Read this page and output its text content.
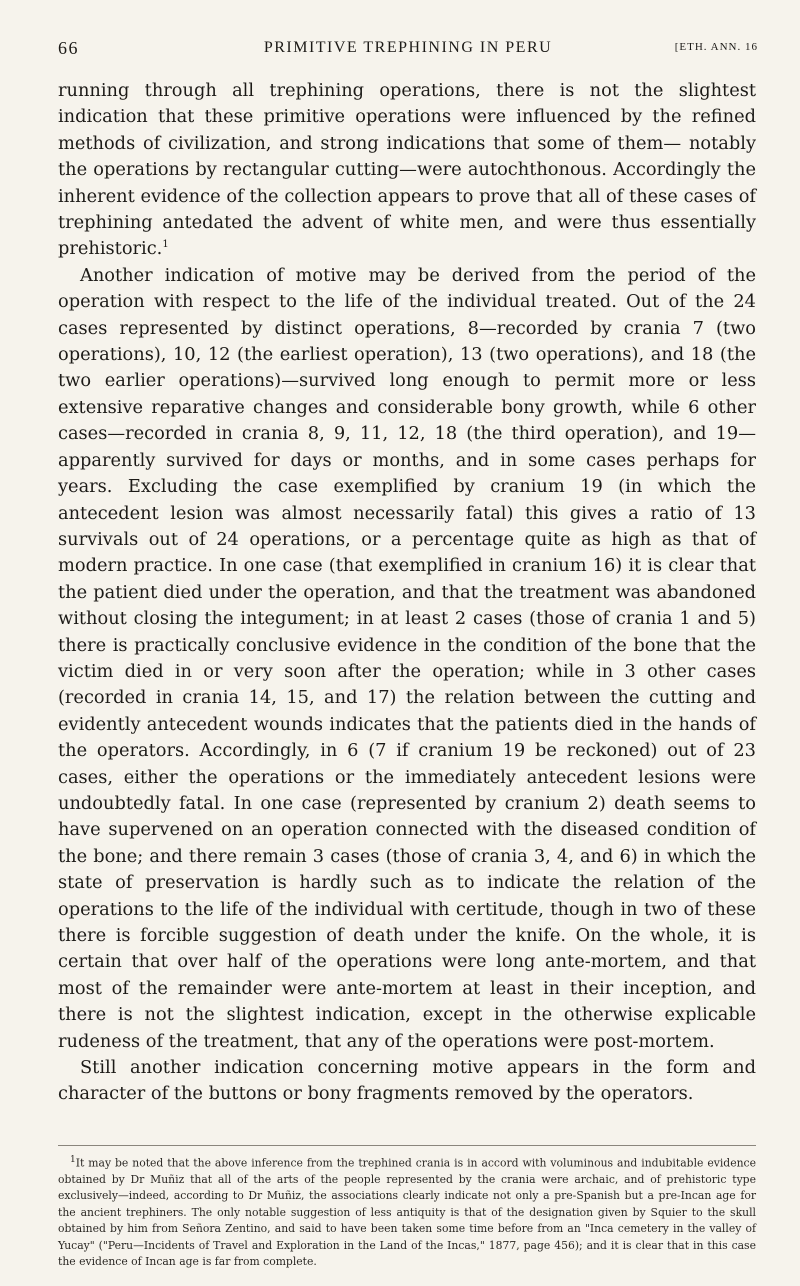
66	PRIMITIVE TREPHINING IN PERU	[ETH. ANN. 16

running through all trephining operations, there is not the slightest indication that these primitive operations were influenced by the refined methods of civilization, and strong indications that some of them— notably the operations by rectangular cutting—were autochthonous. Accordingly the inherent evidence of the collection appears to prove that all of these cases of trephining antedated the advent of white men, and were thus essentially prehistoric.$^1$

Another indication of motive may be derived from the period of the operation with respect to the life of the individual treated. Out of the 24 cases represented by distinct operations, 8—recorded by crania 7 (two operations), 10, 12 (the earliest operation), 13 (two operations), and 18 (the two earlier operations)—survived long enough to permit more or less extensive reparative changes and considerable bony growth, while 6 other cases—recorded in crania 8, 9, 11, 12, 18 (the third operation), and 19—apparently survived for days or months, and in some cases perhaps for years. Excluding the case exemplified by cranium 19 (in which the antecedent lesion was almost necessarily fatal) this gives a ratio of 13 survivals out of 24 operations, or a percentage quite as high as that of modern practice. In one case (that exemplified in cranium 16) it is clear that the patient died under the operation, and that the treatment was abandoned without closing the integument; in at least 2 cases (those of crania 1 and 5) there is practically conclusive evidence in the condition of the bone that the victim died in or very soon after the operation; while in 3 other cases (recorded in crania 14, 15, and 17) the relation between the cutting and evidently antecedent wounds indicates that the patients died in the hands of the operators. Accordingly, in 6 (7 if cranium 19 be reckoned) out of 23 cases, either the operations or the immediately antecedent lesions were undoubtedly fatal. In one case (represented by cranium 2) death seems to have supervened on an operation connected with the diseased condition of the bone; and there remain 3 cases (those of crania 3, 4, and 6) in which the state of preservation is hardly such as to indicate the relation of the operations to the life of the individual with certitude, though in two of these there is forcible suggestion of death under the knife. On the whole, it is certain that over half of the operations were long ante-mortem, and that most of the remainder were ante-mortem at least in their inception, and there is not the slightest indication, except in the otherwise explicable rudeness of the treatment, that any of the operations were post-mortem.

Still another indication concerning motive appears in the form and character of the buttons or bony fragments removed by the operators.

$^1$It may be noted that the above inference from the trephined crania is in accord with voluminous and indubitable evidence obtained by Dr Muñiz that all of the arts of the people represented by the crania were archaic, and of prehistoric type exclusively—indeed, according to Dr Muñiz, the associations clearly indicate not only a pre-Spanish but a pre-Incan age for the ancient trephiners. The only notable suggestion of less antiquity is that of the designation given by Squier to the skull obtained by him from Señora Zentino, and said to have been taken some time before from an "Inca cemetery in the valley of Yucay" ("Peru—Incidents of Travel and Exploration in the Land of the Incas," 1877, page 456); and it is clear that in this case the evidence of Incan age is far from complete.
